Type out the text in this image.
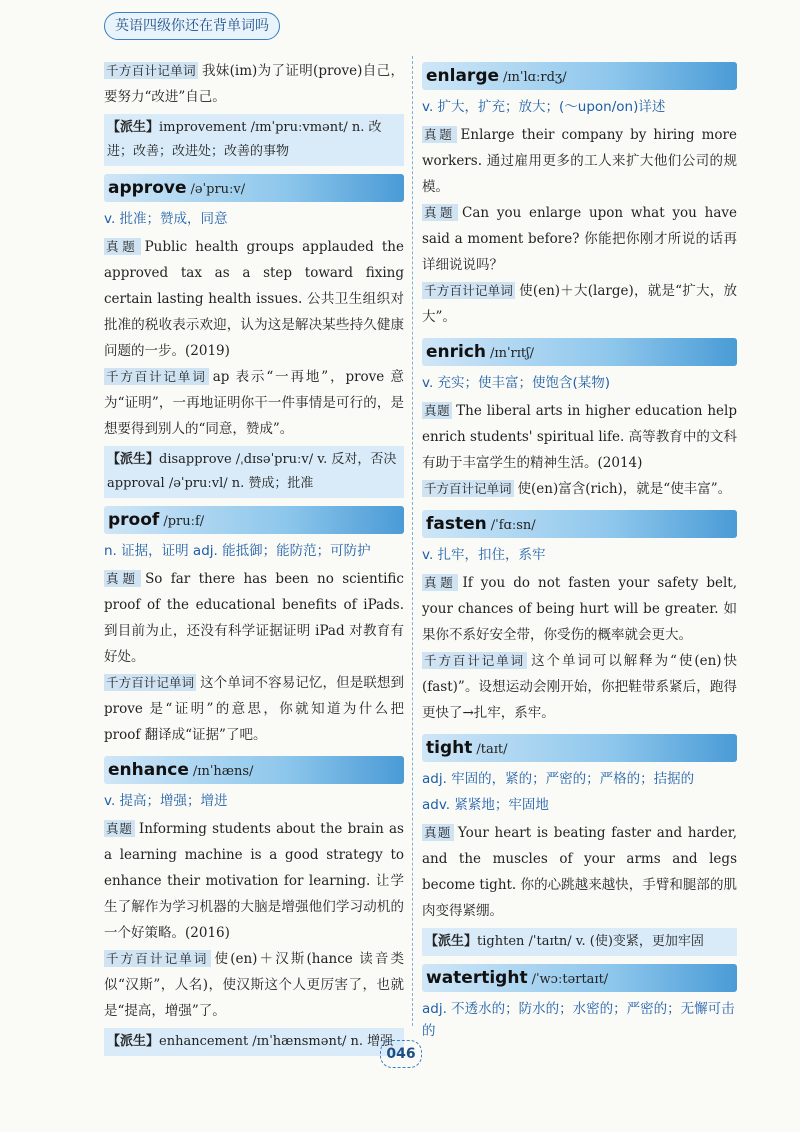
英语四级你还在背单词吗

千方百计记单词 我妹(im)为了证明(prove)自己，要努力“改进”自己。

【派生】improvement /ɪmˈpruːvmənt/ n. 改进；改善；改进处；改善的事物
approve /əˈpruːv/
v. 批准；赞成，同意

真题 Public health groups applauded the approved tax as a step toward fixing certain lasting health issues. 公共卫生组织对批准的税收表示欢迎，认为这是解决某些持久健康问题的一步。(2019)

千方百计记单词 ap 表示“一再地”，prove 意为“证明”，一再地证明你干一件事情是可行的，是想要得到别人的“同意，赞成”。

【派生】disapprove /ˌdɪsəˈpruːv/ v. 反对，否决 approval /əˈpruːvl/ n. 赞成；批准
proof /pruːf/
n. 证据，证明 adj. 能抵御；能防范；可防护

真题 So far there has been no scientific proof of the educational benefits of iPads. 到目前为止，还没有科学证据证明 iPad 对教育有好处。

千方百计记单词 这个单词不容易记忆，但是联想到 prove 是“证明”的意思，你就知道为什么把 proof 翻译成“证据”了吧。

enhance /ɪnˈhæns/
v. 提高；增强；增进

真题 Informing students about the brain as a learning machine is a good strategy to enhance their motivation for learning. 让学生了解作为学习机器的大脑是增强他们学习动机的一个好策略。(2016)

千方百计记单词 使(en)＋汉斯(hance 读音类似“汉斯”，人名)，使汉斯这个人更厉害了，也就是“提高，增强”了。

【派生】enhancement /ɪnˈhænsmənt/ n. 增强
enlarge /ɪnˈlɑːrdʒ/
v. 扩大，扩充；放大；(～upon/on)详述

真题 Enlarge their company by hiring more workers. 通过雇用更多的工人来扩大他们公司的规模。

真题 Can you enlarge upon what you have said a moment before? 你能把你刚才所说的话再详细说说吗？

千方百计记单词 使(en)＋大(large)，就是“扩大，放大”。

enrich /ɪnˈrɪtʃ/
v. 充实；使丰富；使饱含(某物)

真题 The liberal arts in higher education help enrich students' spiritual life. 高等教育中的文科有助于丰富学生的精神生活。(2014)

千方百计记单词 使(en)富含(rich)，就是“使丰富”。

fasten /ˈfɑːsn/
v. 扎牢，扣住，系牢

真题 If you do not fasten your safety belt, your chances of being hurt will be greater. 如果你不系好安全带，你受伤的概率就会更大。

千方百计记单词 这个单词可以解释为“使(en)快(fast)”。设想运动会刚开始，你把鞋带系紧后，跑得更快了→扎牢，系牢。

tight /taɪt/
adj. 牢固的，紧的；严密的；严格的；拮据的
adv. 紧紧地；牢固地

真题 Your heart is beating faster and harder, and the muscles of your arms and legs become tight. 你的心跳越来越快，手臂和腿部的肌肉变得紧绷。

【派生】tighten /ˈtaɪtn/ v. (使)变紧，更加牢固
watertight /ˈwɔːtərtaɪt/
adj. 不透水的；防水的；水密的；严密的；无懈可击的
046
